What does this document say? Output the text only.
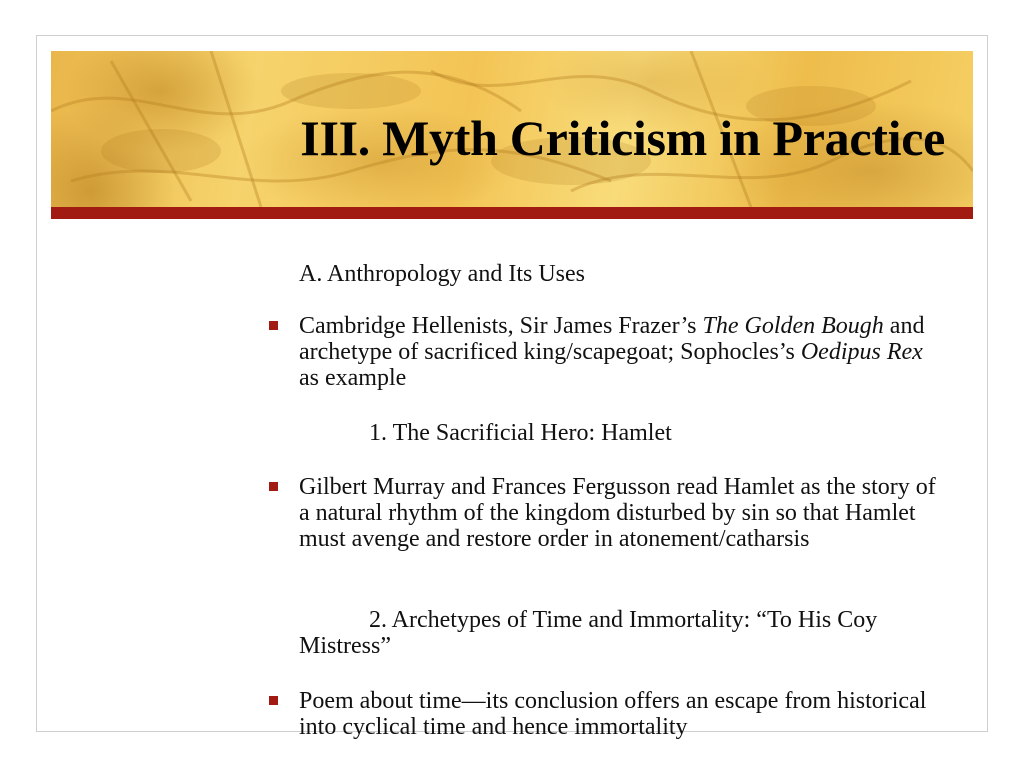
III. Myth Criticism in Practice

A. Anthropology and Its Uses

Cambridge Hellenists, Sir James Frazer’s The Golden Bough and archetype of sacrificed king/scapegoat; Sophocles’s Oedipus Rex as example

1. The Sacrificial Hero: Hamlet

Gilbert Murray and Frances Fergusson read Hamlet as the story of a natural rhythm of the kingdom disturbed by sin so that Hamlet must avenge and restore order in atonement/catharsis

2. Archetypes of Time and Immortality: “To His Coy Mistress”

Poem about time—its conclusion offers an escape from historical into cyclical time and hence immortality
